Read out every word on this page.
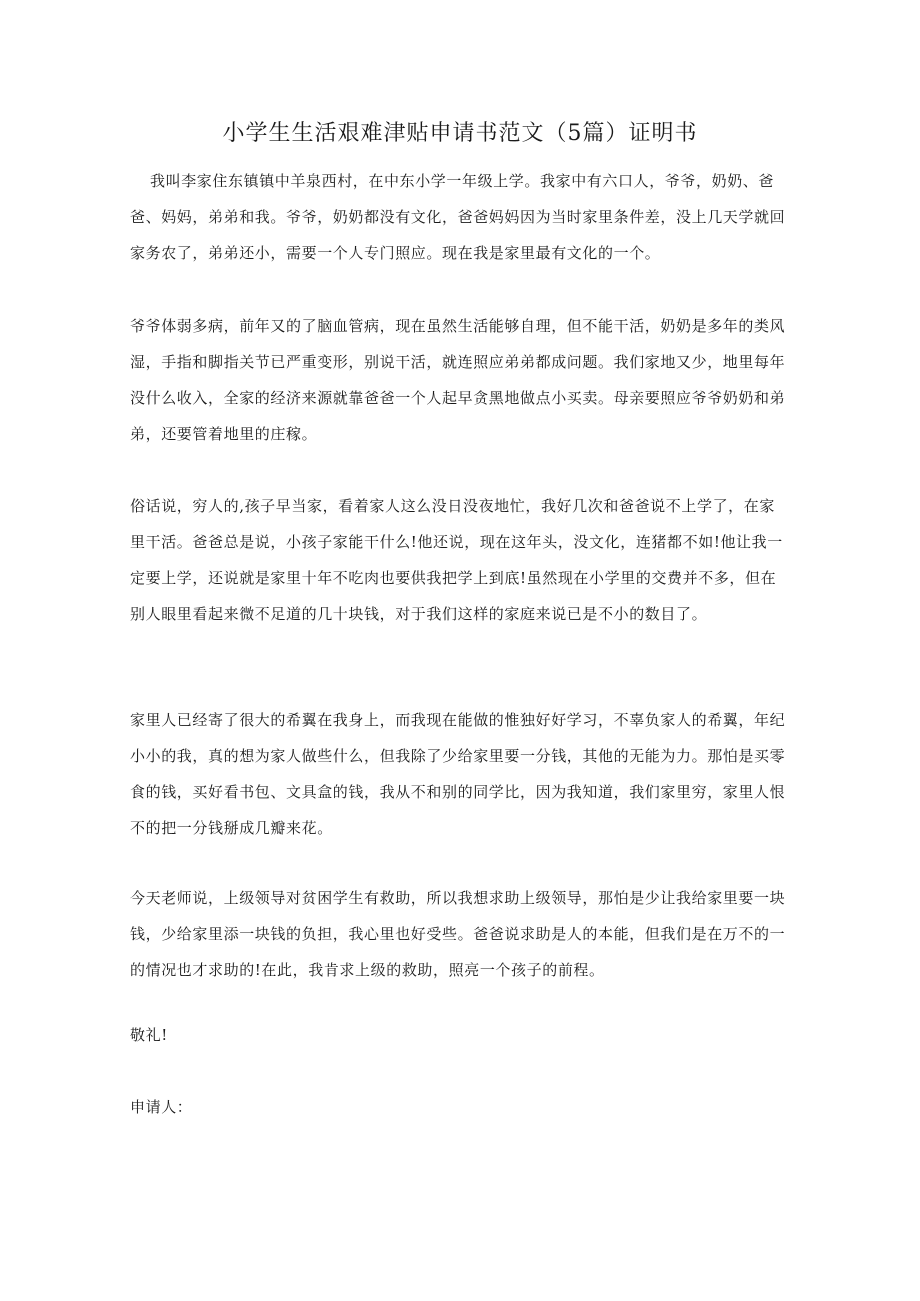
小学生生活艰难津贴申请书范文（5篇）证明书

我叫李家住东镇镇中羊泉西村，在中东小学一年级上学。我家中有六口人，爷爷，奶奶、爸爸、妈妈，弟弟和我。爷爷，奶奶都没有文化，爸爸妈妈因为当时家里条件差，没上几天学就回家务农了，弟弟还小，需要一个人专门照应。现在我是家里最有文化的一个。

爷爷体弱多病，前年又的了脑血管病，现在虽然生活能够自理，但不能干活，奶奶是多年的类风湿，手指和脚指关节已严重变形，别说干活，就连照应弟弟都成问题。我们家地又少，地里每年没什么收入，全家的经济来源就靠爸爸一个人起早贪黑地做点小买卖。母亲要照应爷爷奶奶和弟弟，还要管着地里的庄稼。

俗话说，穷人的,孩子早当家，看着家人这么没日没夜地忙，我好几次和爸爸说不上学了，在家里干活。爸爸总是说，小孩子家能干什么!他还说，现在这年头，没文化，连猪都不如!他让我一定要上学，还说就是家里十年不吃肉也要供我把学上到底!虽然现在小学里的交费并不多，但在别人眼里看起来微不足道的几十块钱，对于我们这样的家庭来说已是不小的数目了。

家里人已经寄了很大的希翼在我身上，而我现在能做的惟独好好学习，不辜负家人的希翼，年纪小小的我，真的想为家人做些什么，但我除了少给家里要一分钱，其他的无能为力。那怕是买零食的钱，买好看书包、文具盒的钱，我从不和别的同学比，因为我知道，我们家里穷，家里人恨不的把一分钱掰成几瓣来花。

今天老师说，上级领导对贫困学生有救助，所以我想求助上级领导，那怕是少让我给家里要一块钱，少给家里添一块钱的负担，我心里也好受些。爸爸说求助是人的本能，但我们是在万不的一的情况也才求助的!在此，我肯求上级的救助，照亮一个孩子的前程。

敬礼!

申请人：
